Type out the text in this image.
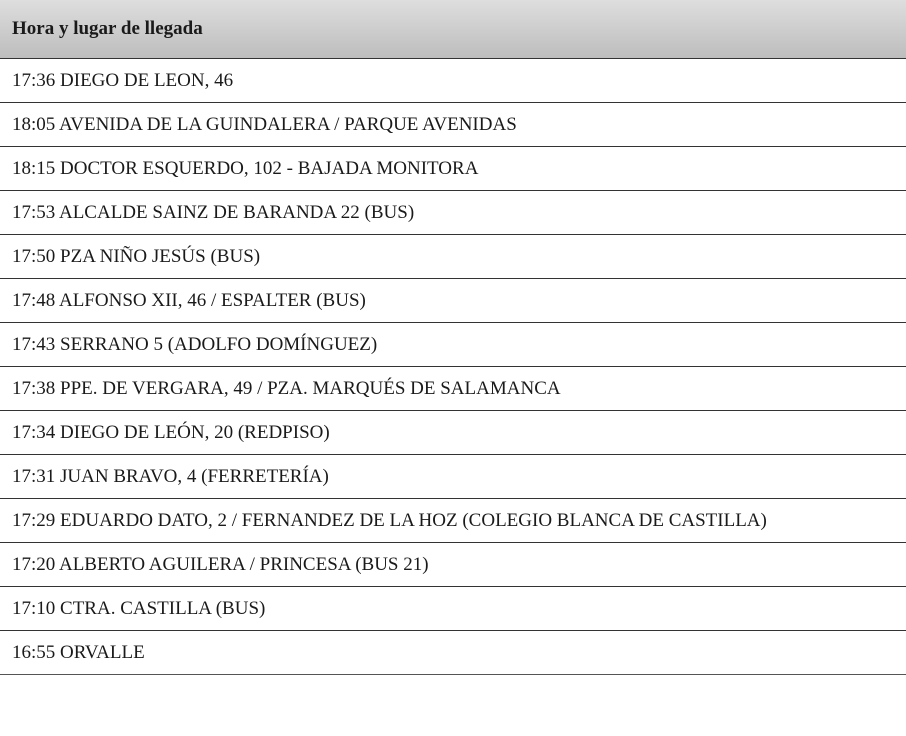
Hora y lugar de llegada
17:36 DIEGO DE LEON, 46
18:05 AVENIDA DE LA GUINDALERA / PARQUE AVENIDAS
18:15 DOCTOR ESQUERDO, 102 - BAJADA MONITORA
17:53 ALCALDE SAINZ DE BARANDA 22 (BUS)
17:50 PZA NIÑO JESÚS (BUS)
17:48 ALFONSO XII, 46 / ESPALTER (BUS)
17:43 SERRANO 5 (ADOLFO DOMÍNGUEZ)
17:38 PPE. DE VERGARA, 49 / PZA. MARQUÉS DE SALAMANCA
17:34 DIEGO DE LEÓN, 20 (REDPISO)
17:31 JUAN BRAVO, 4 (FERRETERÍA)
17:29 EDUARDO DATO, 2 / FERNANDEZ DE LA HOZ (COLEGIO BLANCA DE CASTILLA)
17:20 ALBERTO AGUILERA / PRINCESA (BUS 21)
17:10 CTRA. CASTILLA (BUS)
16:55 ORVALLE
